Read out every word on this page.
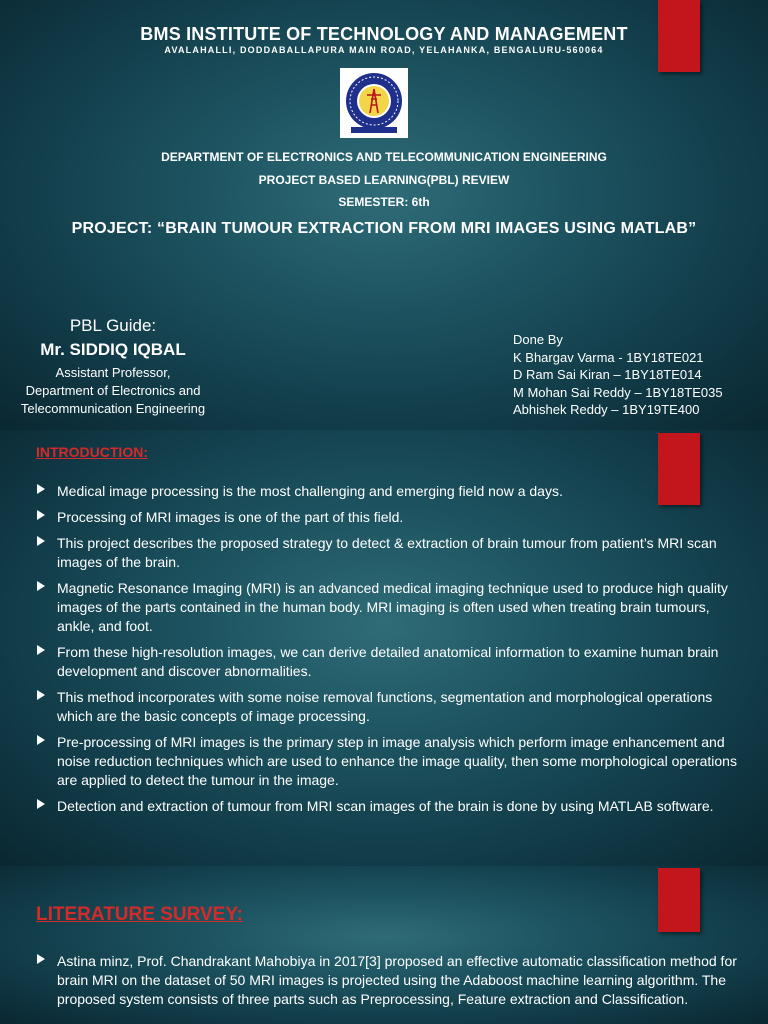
BMS INSTITUTE OF TECHNOLOGY AND MANAGEMENT
AVALAHALLI, DODDABALLAPURA MAIN ROAD, YELAHANKA, BENGALURU-560064
DEPARTMENT OF ELECTRONICS AND TELECOMMUNICATION ENGINEERING
PROJECT BASED LEARNING(PBL) REVIEW
SEMESTER: 6th
PROJECT: “BRAIN TUMOUR EXTRACTION FROM MRI IMAGES USING MATLAB”
PBL Guide:
Mr. SIDDIQ IQBAL
Assistant Professor,
Department of Electronics and
Telecommunication Engineering
Done By
K Bhargav Varma - 1BY18TE021
D Ram Sai Kiran – 1BY18TE014
M Mohan Sai Reddy – 1BY18TE035
Abhishek Reddy – 1BY19TE400
INTRODUCTION:
Medical image processing is the most challenging and emerging field now a days.
Processing of MRI images is one of the part of this field.
This project describes the proposed strategy to detect & extraction of brain tumour from patient’s MRI scan images of the brain.
Magnetic Resonance Imaging (MRI) is an advanced medical imaging technique used to produce high quality images of the parts contained in the human body. MRI imaging is often used when treating brain tumours, ankle, and foot.
From these high-resolution images, we can derive detailed anatomical information to examine human brain development and discover abnormalities.
This method incorporates with some noise removal functions, segmentation and morphological operations which are the basic concepts of image processing.
Pre-processing of MRI images is the primary step in image analysis which perform image enhancement and noise reduction techniques which are used to enhance the image quality, then some morphological operations are applied to detect the tumour in the image.
Detection and extraction of tumour from MRI scan images of the brain is done by using MATLAB software.
LITERATURE SURVEY:
Astina minz, Prof. Chandrakant Mahobiya in 2017[3] proposed an effective automatic classification method for brain MRI on the dataset of 50 MRI images is projected using the Adaboost machine learning algorithm. The proposed system consists of three parts such as Preprocessing, Feature extraction and Classification.
